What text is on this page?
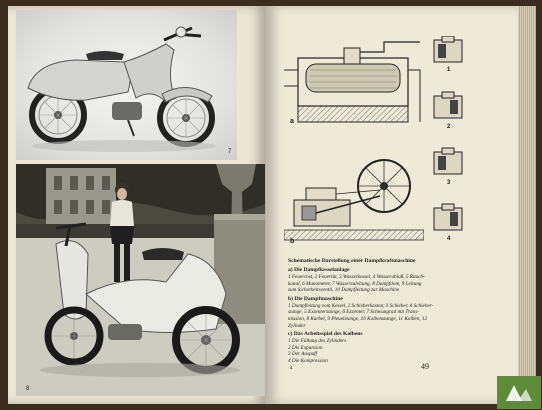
7
8
a
b
1
2
3
4

Schematische Darstellung einer Dampfkraftmaschine

a) Die Dampfkesselanlage

1 Feuerrost, 2 Feuertür, 3 Wasserkessel, 4 Wasserablaß, 5 Rauch-

kanal, 6 Manometer, 7 Wasserzuleitung, 8 Dampfdom, 9 Leitung

zum Sicherheitsventil, 10 Dampfleitung zur Maschine

b) Die Dampfmaschine

1 Dampfleitung vom Kessel, 2 Schieberkasten, 3 Schieber, 4 Schieber-

stange, 5 Exzenterstange, 6 Exzenter, 7 Schwungrad mit Trans-

mission, 8 Kurbel, 9 Pleuelstange, 10 Kolbenstange, 11 Kolben, 12

Zylinder

c) Das Arbeitsspiel des Kolbens

1 Die Füllung des Zylinders

2 Die Expansion

3 Der Auspuff

4 Die Kompression

4	49
